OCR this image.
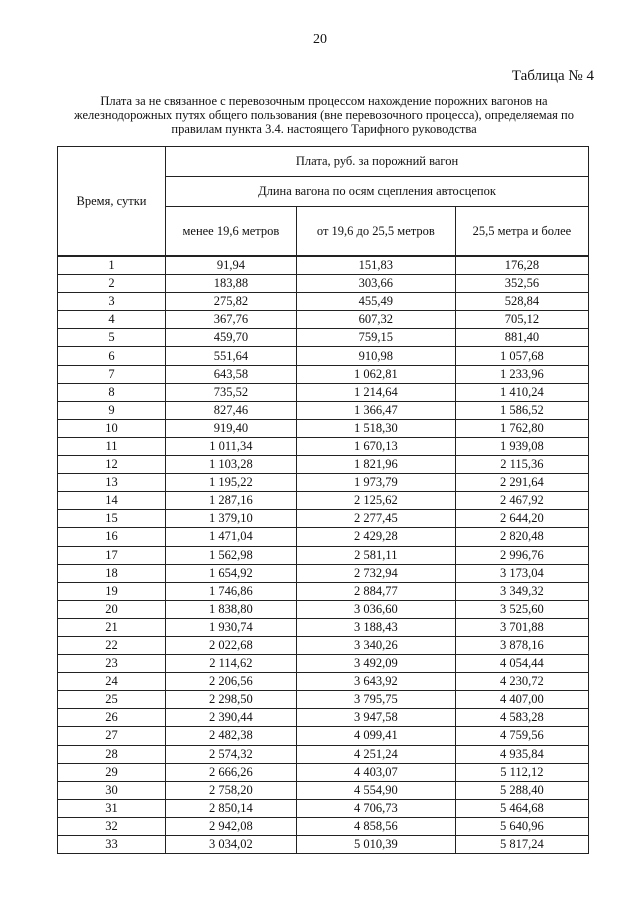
20
Таблица № 4
Плата за не связанное с перевозочным процессом нахождение порожних вагонов на железнодорожных путях общего пользования (вне перевозочного процесса), определяемая по правилам пункта 3.4. настоящего Тарифного руководства
Время, сутки	Плата, руб. за порожний вагон		
	Длина вагона по осям сцепления автосцепок		
	менее 19,6 метров	от 19,6 до 25,5 метров	25,5 метра и более
1	91,94	151,83	176,28
2	183,88	303,66	352,56
3	275,82	455,49	528,84
4	367,76	607,32	705,12
5	459,70	759,15	881,40
6	551,64	910,98	1 057,68
7	643,58	1 062,81	1 233,96
8	735,52	1 214,64	1 410,24
9	827,46	1 366,47	1 586,52
10	919,40	1 518,30	1 762,80
11	1 011,34	1 670,13	1 939,08
12	1 103,28	1 821,96	2 115,36
13	1 195,22	1 973,79	2 291,64
14	1 287,16	2 125,62	2 467,92
15	1 379,10	2 277,45	2 644,20
16	1 471,04	2 429,28	2 820,48
17	1 562,98	2 581,11	2 996,76
18	1 654,92	2 732,94	3 173,04
19	1 746,86	2 884,77	3 349,32
20	1 838,80	3 036,60	3 525,60
21	1 930,74	3 188,43	3 701,88
22	2 022,68	3 340,26	3 878,16
23	2 114,62	3 492,09	4 054,44
24	2 206,56	3 643,92	4 230,72
25	2 298,50	3 795,75	4 407,00
26	2 390,44	3 947,58	4 583,28
27	2 482,38	4 099,41	4 759,56
28	2 574,32	4 251,24	4 935,84
29	2 666,26	4 403,07	5 112,12
30	2 758,20	4 554,90	5 288,40
31	2 850,14	4 706,73	5 464,68
32	2 942,08	4 858,56	5 640,96
33	3 034,02	5 010,39	5 817,24
